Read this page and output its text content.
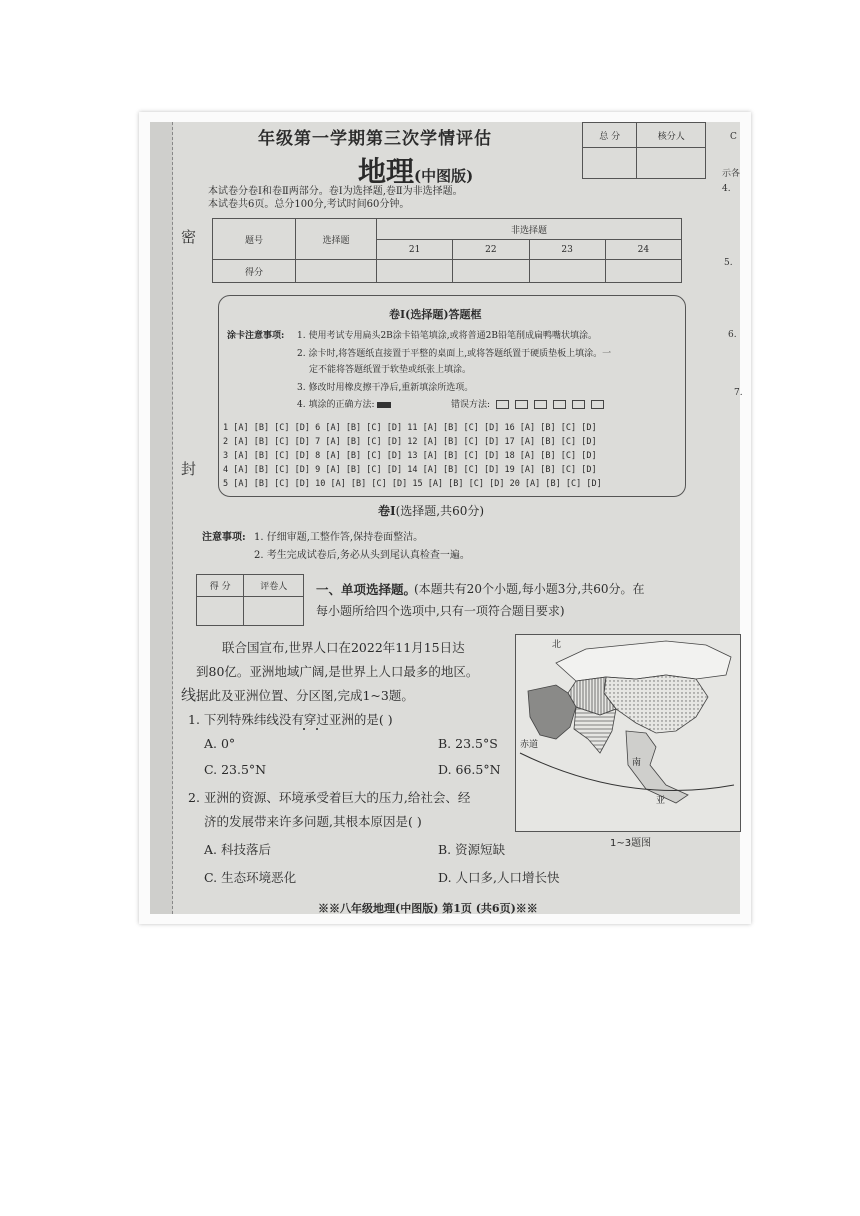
密
封
线
年级第一学期第三次学情评估
地理(中图版)
本试卷分卷Ⅰ和卷Ⅱ两部分。卷Ⅰ为选择题,卷Ⅱ为非选择题。
本试卷共6页。总分100分,考试时间60分钟。
总 分	核分人

题号	选择题	非选择题			
		21	22	23	24
得分					
卷Ⅰ(选择题)答题框
涂卡注意事项: 1. 使用考试专用扁头2B涂卡铅笔填涂,或将普通2B铅笔削成扁鸭嘴状填涂。
2. 涂卡时,将答题纸直接置于平整的桌面上,或将答题纸置于硬质垫板上填涂。一
定不能将答题纸置于软垫或纸张上填涂。
3. 修改时用橡皮擦干净后,重新填涂所选项。
4. 填涂的正确方法:	错误方法:
1 [A] [B] [C] [D] 6 [A] [B] [C] [D] 11 [A] [B] [C] [D] 16 [A] [B] [C] [D]
2 [A] [B] [C] [D] 7 [A] [B] [C] [D] 12 [A] [B] [C] [D] 17 [A] [B] [C] [D]
3 [A] [B] [C] [D] 8 [A] [B] [C] [D] 13 [A] [B] [C] [D] 18 [A] [B] [C] [D]
4 [A] [B] [C] [D] 9 [A] [B] [C] [D] 14 [A] [B] [C] [D] 19 [A] [B] [C] [D]
5 [A] [B] [C] [D] 10 [A] [B] [C] [D] 15 [A] [B] [C] [D] 20 [A] [B] [C] [D]
卷Ⅰ(选择题,共60分)
注意事项: 1. 仔细审题,工整作答,保持卷面整洁。
2. 考生完成试卷后,务必从头到尾认真检查一遍。
得 分	评卷人
	一、单项选择题。
(本题共有20个小题,每小题3分,共60分。在
每小题所给四个选项中,只有一项符合题目要求)
联合国宣布,世界人口在2022年11月15日达
到80亿。亚洲地域广阔,是世界上人口最多的地区。
据此及亚洲位置、分区图,完成1~3题。
1. 下列特殊纬线没有穿过亚洲的是( )
A. 0°	B. 23.5°S
C. 23.5°N	D. 66.5°N
2. 亚洲的资源、环境承受着巨大的压力,给社会、经
济的发展带来许多问题,其根本原因是( )
A. 科技落后	B. 资源短缺
C. 生态环境恶化	D. 人口多,人口增长快
北
赤道
南
亚
1~3题图
※※八年级地理(中图版) 第1页 (共6页)※※
C
示各
4.
5.
6.
7.
